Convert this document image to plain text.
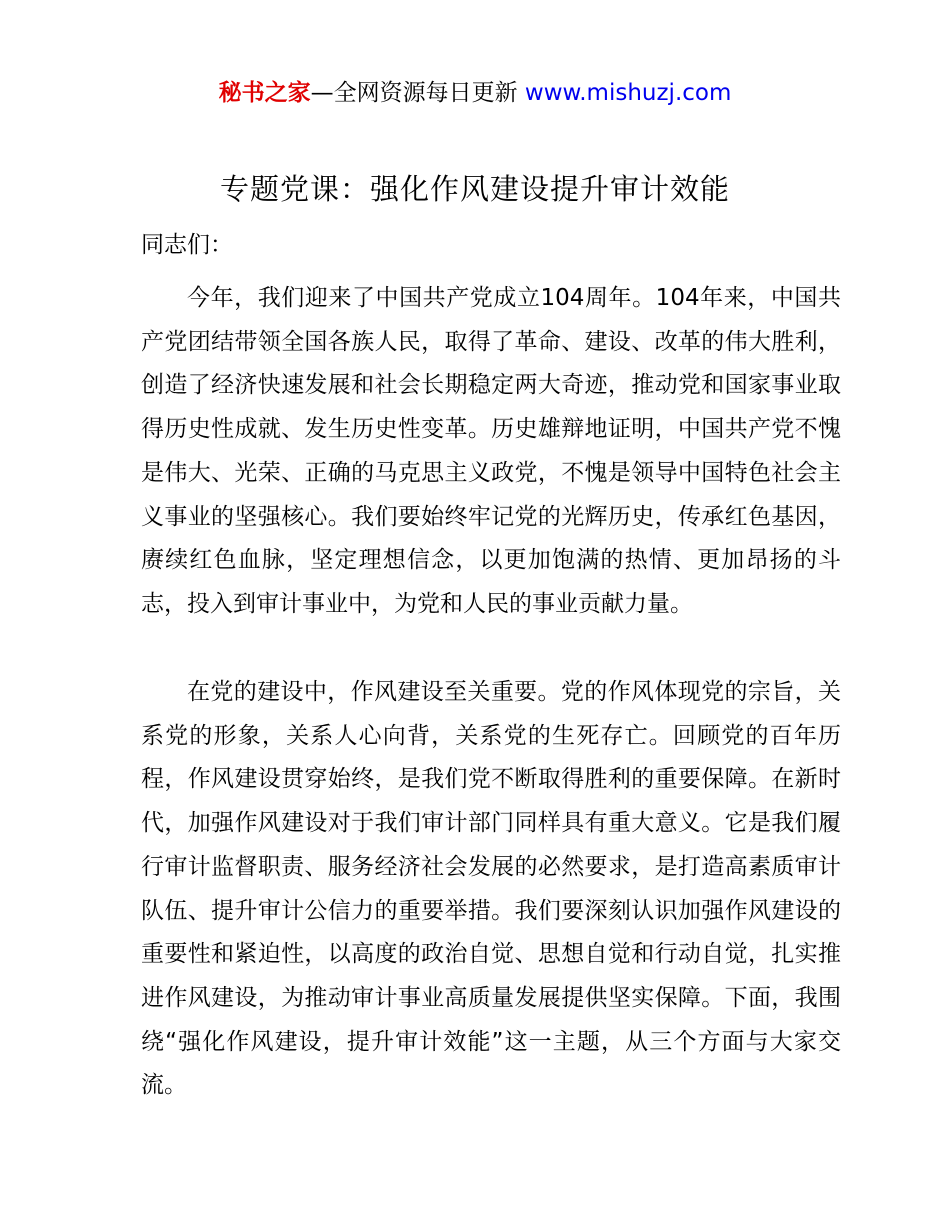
秘书之家—全网资源每日更新 www.mishuzj.com
专题党课：强化作风建设提升审计效能
同志们：

今年，我们迎来了中国共产党成立104周年。104年来，中国共产党团结带领全国各族人民，取得了革命、建设、改革的伟大胜利，创造了经济快速发展和社会长期稳定两大奇迹，推动党和国家事业取得历史性成就、发生历史性变革。历史雄辩地证明，中国共产党不愧是伟大、光荣、正确的马克思主义政党，不愧是领导中国特色社会主义事业的坚强核心。我们要始终牢记党的光辉历史，传承红色基因，赓续红色血脉，坚定理想信念，以更加饱满的热情、更加昂扬的斗志，投入到审计事业中，为党和人民的事业贡献力量。

在党的建设中，作风建设至关重要。党的作风体现党的宗旨，关系党的形象，关系人心向背，关系党的生死存亡。回顾党的百年历程，作风建设贯穿始终，是我们党不断取得胜利的重要保障。在新时代，加强作风建设对于我们审计部门同样具有重大意义。它是我们履行审计监督职责、服务经济社会发展的必然要求，是打造高素质审计队伍、提升审计公信力的重要举措。我们要深刻认识加强作风建设的重要性和紧迫性，以高度的政治自觉、思想自觉和行动自觉，扎实推进作风建设，为推动审计事业高质量发展提供坚实保障。下面，我围绕“强化作风建设，提升审计效能”这一主题，从三个方面与大家交流。
